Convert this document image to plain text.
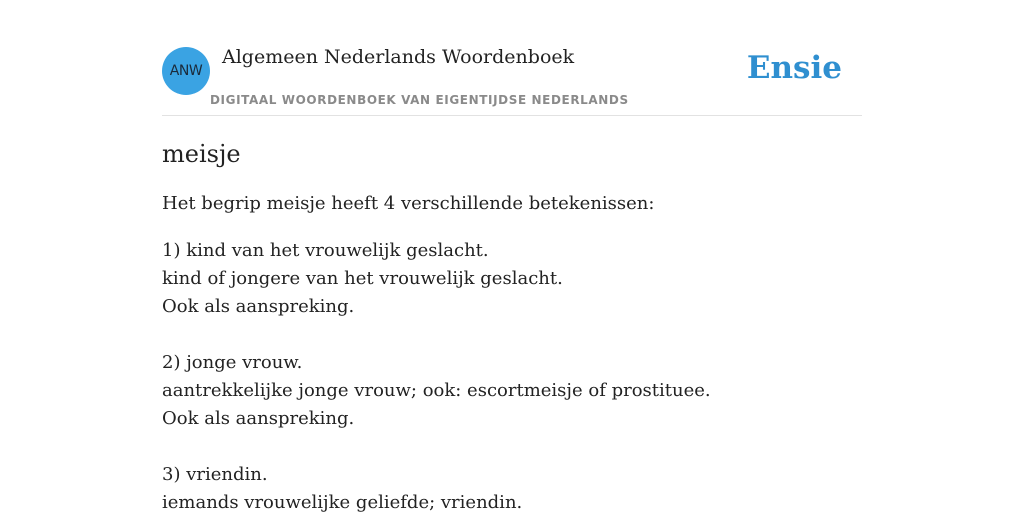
ANW
Algemeen Nederlands Woordenboek
DIGITAAL WOORDENBOEK VAN EIGENTIJDSE NEDERLANDS
Ensie
meisje

Het begrip meisje heeft 4 verschillende betekenissen:

1) kind van het vrouwelijk geslacht.
kind of jongere van het vrouwelijk geslacht.
Ook als aanspreking.
2) jonge vrouw.
aantrekkelijke jonge vrouw; ook: escortmeisje of prostituee.
Ook als aanspreking.
3) vriendin.
iemands vrouwelijke geliefde; vriendin.
